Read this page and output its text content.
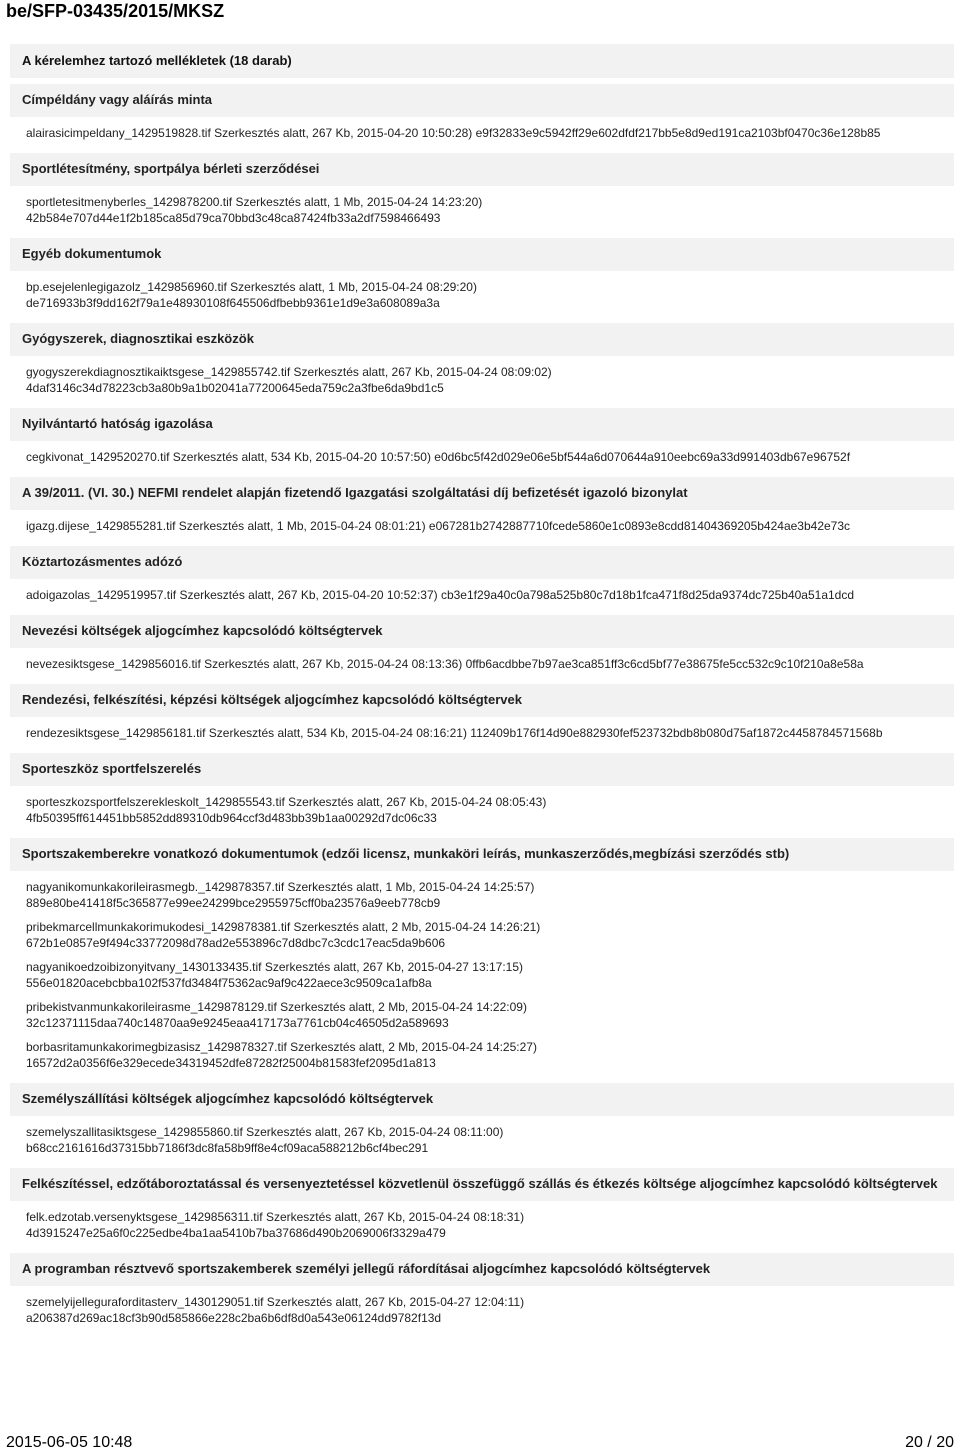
be/SFP-03435/2015/MKSZ
A kérelemhez tartozó mellékletek (18 darab)
Címpéldány vagy aláírás minta
alairasicimpeldany_1429519828.tif Szerkesztés alatt, 267 Kb, 2015-04-20 10:50:28) e9f32833e9c5942ff29e602dfdf217bb5e8d9ed191ca2103bf0470c36e128b85
Sportlétesítmény, sportpálya bérleti szerződései
sportletesitmenyberles_1429878200.tif Szerkesztés alatt, 1 Mb, 2015-04-24 14:23:20)
42b584e707d44e1f2b185ca85d79ca70bbd3c48ca87424fb33a2df7598466493
Egyéb dokumentumok
bp.esejelenlegigazolz_1429856960.tif Szerkesztés alatt, 1 Mb, 2015-04-24 08:29:20)
de716933b3f9dd162f79a1e48930108f645506dfbebb9361e1d9e3a608089a3a
Gyógyszerek, diagnosztikai eszközök
gyogyszerekdiagnosztikaiktsgese_1429855742.tif Szerkesztés alatt, 267 Kb, 2015-04-24 08:09:02)
4daf3146c34d78223cb3a80b9a1b02041a77200645eda759c2a3fbe6da9bd1c5
Nyilvántartó hatóság igazolása
cegkivonat_1429520270.tif Szerkesztés alatt, 534 Kb, 2015-04-20 10:57:50) e0d6bc5f42d029e06e5bf544a6d070644a910eebc69a33d991403db67e96752f
A 39/2011. (VI. 30.) NEFMI rendelet alapján fizetendő Igazgatási szolgáltatási díj befizetését igazoló bizonylat
igazg.dijese_1429855281.tif Szerkesztés alatt, 1 Mb, 2015-04-24 08:01:21) e067281b2742887710fcede5860e1c0893e8cdd81404369205b424ae3b42e73c
Köztartozásmentes adózó
adoigazolas_1429519957.tif Szerkesztés alatt, 267 Kb, 2015-04-20 10:52:37) cb3e1f29a40c0a798a525b80c7d18b1fca471f8d25da9374dc725b40a51a1dcd
Nevezési költségek aljogcímhez kapcsolódó költségtervek
nevezesiktsgese_1429856016.tif Szerkesztés alatt, 267 Kb, 2015-04-24 08:13:36) 0ffb6acdbbe7b97ae3ca851ff3c6cd5bf77e38675fe5cc532c9c10f210a8e58a
Rendezési, felkészítési, képzési költségek aljogcímhez kapcsolódó költségtervek
rendezesiktsgese_1429856181.tif Szerkesztés alatt, 534 Kb, 2015-04-24 08:16:21) 112409b176f14d90e882930fef523732bdb8b080d75af1872c4458784571568b
Sporteszköz sportfelszerelés
sporteszkozsportfelszerekleskolt_1429855543.tif Szerkesztés alatt, 267 Kb, 2015-04-24 08:05:43)
4fb50395ff614451bb5852dd89310db964ccf3d483bb39b1aa00292d7dc06c33
Sportszakemberekre vonatkozó dokumentumok (edzői licensz, munkaköri leírás, munkaszerződés,megbízási szerződés stb)
nagyanikomunkakorileirasmegb._1429878357.tif Szerkesztés alatt, 1 Mb, 2015-04-24 14:25:57)
889e80be41418f5c365877e99ee24299bce2955975cff0ba23576a9eeb778cb9
pribekmarcellmunkakorimukodesi_1429878381.tif Szerkesztés alatt, 2 Mb, 2015-04-24 14:26:21)
672b1e0857e9f494c33772098d78ad2e553896c7d8dbc7c3cdc17eac5da9b606
nagyanikoedzoibizonyitvany_1430133435.tif Szerkesztés alatt, 267 Kb, 2015-04-27 13:17:15)
556e01820acebcbba102f537fd3484f75362ac9af9c422aece3c9509ca1afb8a
pribekistvanmunkakorileirasme_1429878129.tif Szerkesztés alatt, 2 Mb, 2015-04-24 14:22:09)
32c12371115daa740c14870aa9e9245eaa417173a7761cb04c46505d2a589693
borbasritamunkakorimegbizasisz_1429878327.tif Szerkesztés alatt, 2 Mb, 2015-04-24 14:25:27)
16572d2a0356f6e329ecede34319452dfe87282f25004b81583fef2095d1a813
Személyszállítási költségek aljogcímhez kapcsolódó költségtervek
szemelyszallitasiktsgese_1429855860.tif Szerkesztés alatt, 267 Kb, 2015-04-24 08:11:00)
b68cc2161616d37315bb7186f3dc8fa58b9ff8e4cf09aca588212b6cf4bec291
Felkészítéssel, edzőtáboroztatással és versenyeztetéssel közvetlenül összefüggő szállás és étkezés költsége aljogcímhez kapcsolódó költségtervek
felk.edzotab.versenyktsgese_1429856311.tif Szerkesztés alatt, 267 Kb, 2015-04-24 08:18:31)
4d3915247e25a6f0c225edbe4ba1aa5410b7ba37686d490b2069006f3329a479
A programban résztvevő sportszakemberek személyi jellegű ráfordításai aljogcímhez kapcsolódó költségtervek
szemelyijelleguraforditasterv_1430129051.tif Szerkesztés alatt, 267 Kb, 2015-04-27 12:04:11)
a206387d269ac18cf3b90d585866e228c2ba6b6df8d0a543e06124dd9782f13d
2015-06-05 10:48	20 / 20
